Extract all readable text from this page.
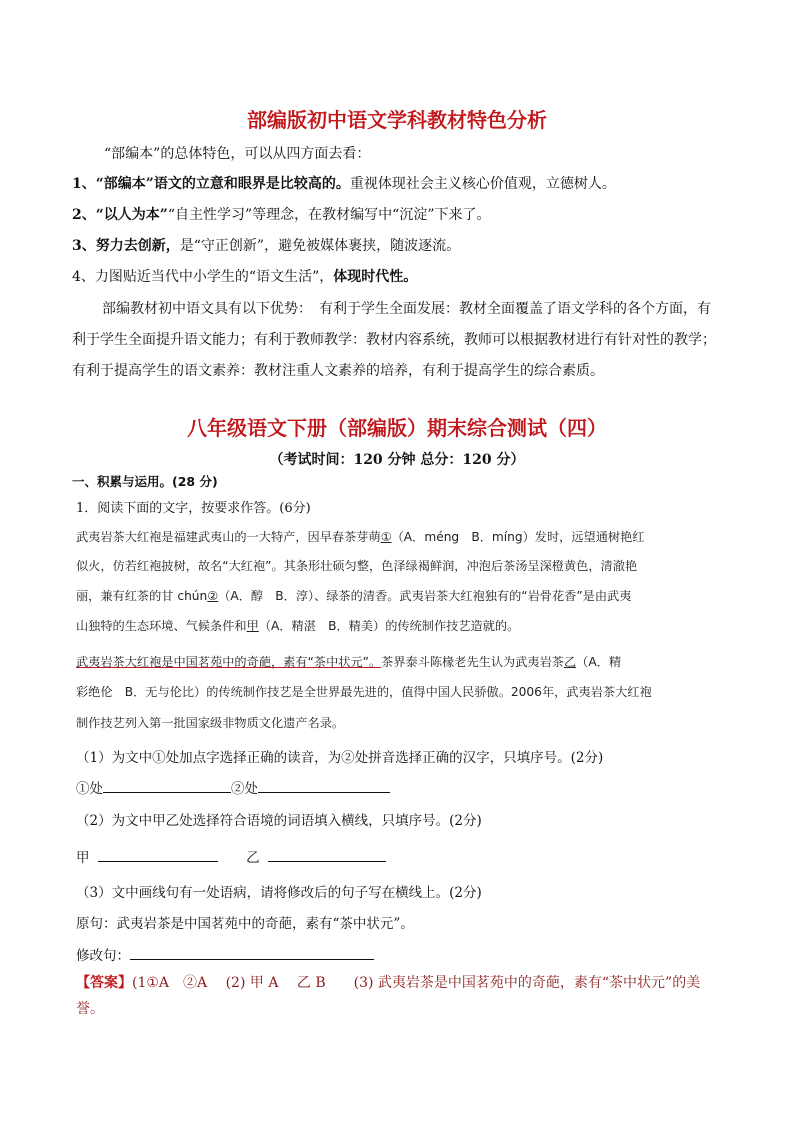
部编版初中语文学科教材特色分析
“部编本”的总体特色，可以从四方面去看：
1、“部编本”语文的立意和眼界是比较高的。重视体现社会主义核心价值观，立德树人。
2、“以人为本”“自主性学习”等理念，在教材编写中“沉淀”下来了。
3、努力去创新，是“守正创新”，避免被媒体裹挟，随波逐流。
4、力图贴近当代中小学生的“语文生活”，体现时代性。
部编教材初中语文具有以下优势：　有利于学生全面发展：教材全面覆盖了语文学科的各个方面，有
利于学生全面提升语文能力；有利于教师教学：教材内容系统，教师可以根据教材进行有针对性的教学；
有利于提高学生的语文素养：教材注重人文素养的培养，有利于提高学生的综合素质。
八年级语文下册（部编版）期末综合测试（四）
（考试时间：120 分钟 总分：120 分）
一、积累与运用。(28 分)
1．阅读下面的文字，按要求作答。(6分)
武夷岩茶大红袍是福建武夷山的一大特产，因早春茶芽萌①（A．méng　B．míng）发时，远望通树艳红
似火，仿若红袍披树，故名“大红袍”。其条形壮硕匀整，色泽绿褐鲜润，冲泡后茶汤呈深橙黄色，清澈艳
丽，兼有红茶的甘 chún②（A．醇　B．淳）、绿茶的清香。武夷岩茶大红袍独有的“岩骨花香”是由武夷
山独特的生态环境、气候条件和甲（A．精湛　B．精美）的传统制作技艺造就的。
武夷岩茶大红袍是中国茗苑中的奇葩，素有“茶中状元”。茶界泰斗陈椽老先生认为武夷岩茶乙（A．精
彩绝伦　B．无与伦比）的传统制作技艺是全世界最先进的，值得中国人民骄傲。2006年，武夷岩茶大红袍
制作技艺列入第一批国家级非物质文化遗产名录。
（1）为文中①处加点字选择正确的读音，为②处拼音选择正确的汉字，只填序号。(2分)
①处	②处
（2）为文中甲乙处选择符合语境的词语填入横线，只填序号。(2分)
甲	乙
（3）文中画线句有一处语病，请将修改后的句子写在横线上。(2分)
原句：武夷岩茶是中国茗苑中的奇葩，素有“茶中状元”。
修改句：
【答案】(1①A　②A　 (2) 甲 A　 乙 B　　(3) 武夷岩茶是中国茗苑中的奇葩，素有“茶中状元”的美
誉。
